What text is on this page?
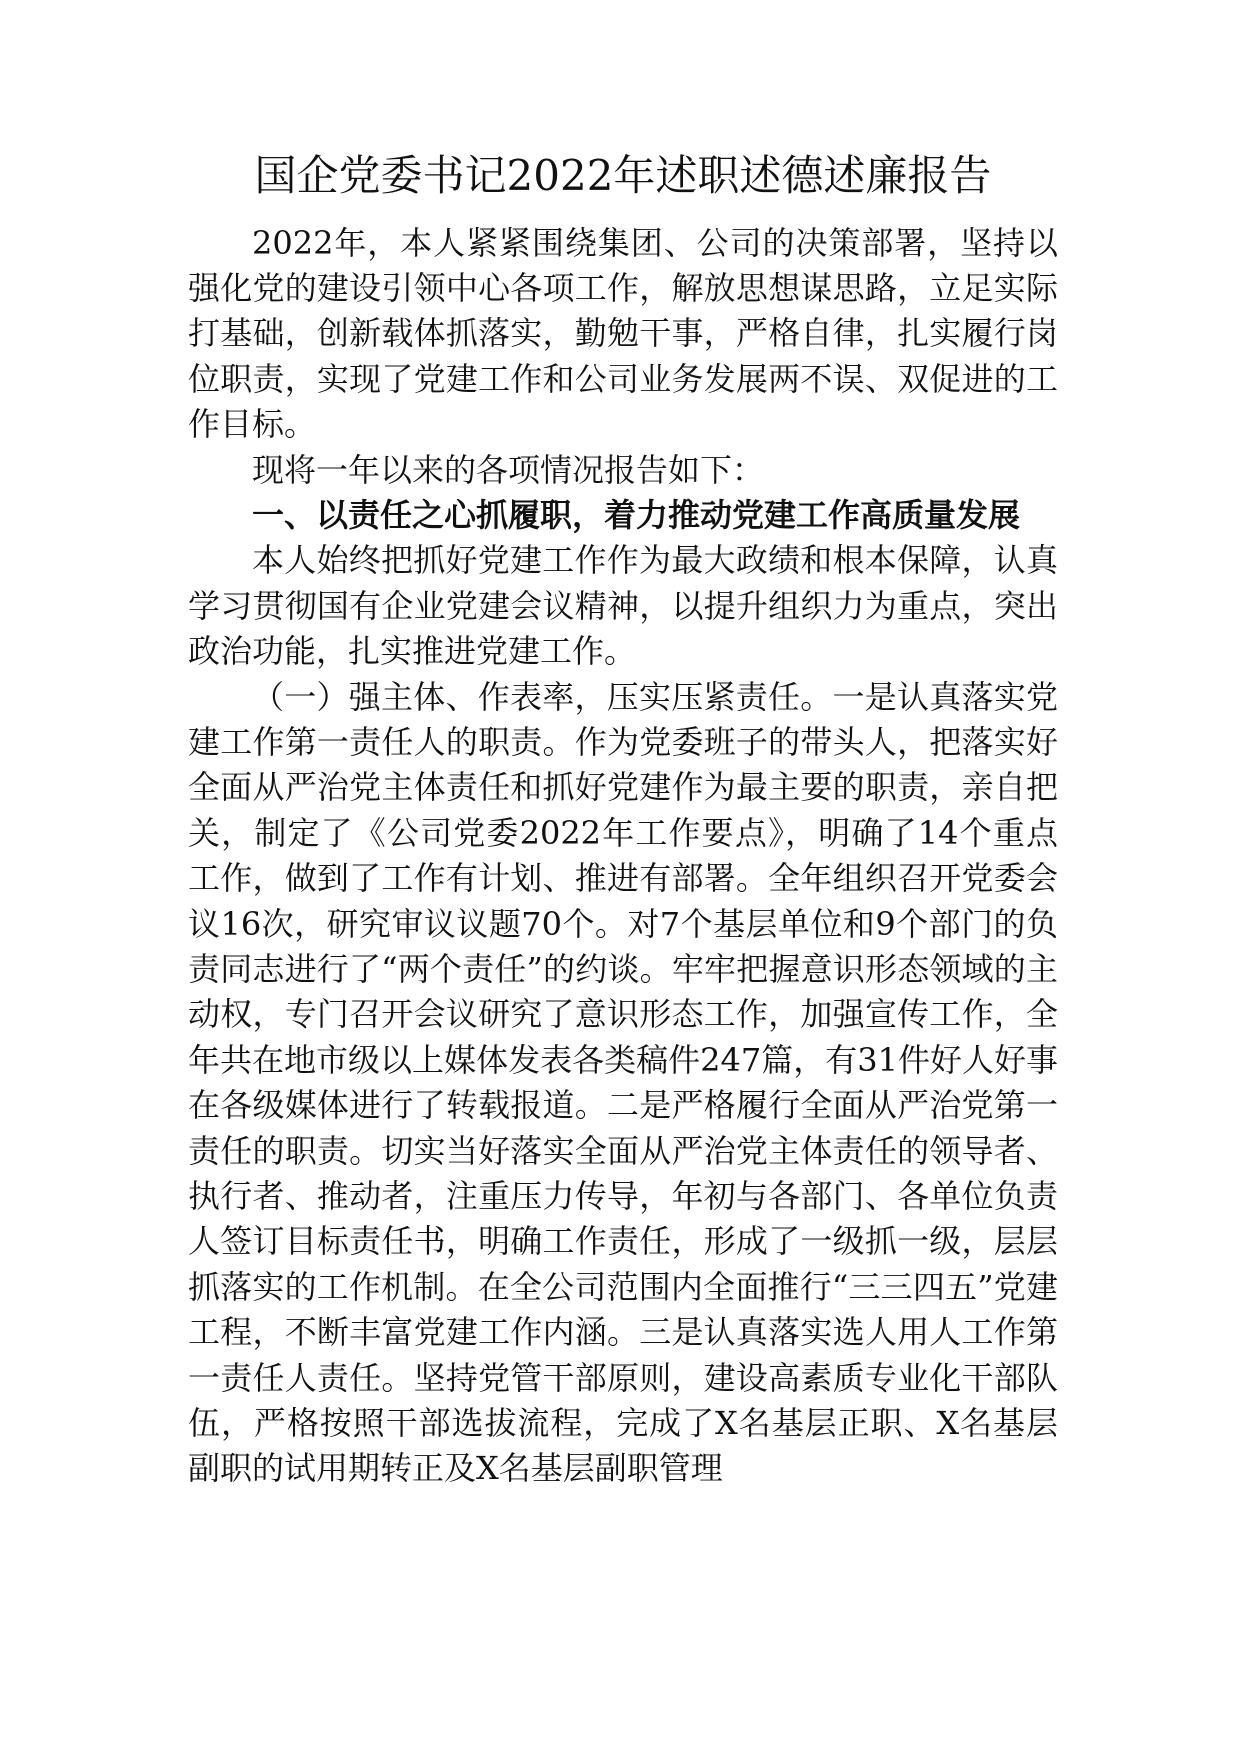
国企党委书记2022年述职述德述廉报告

2022年，本人紧紧围绕集团、公司的决策部署，坚持以强化党的建设引领中心各项工作，解放思想谋思路，立足实际打基础，创新载体抓落实，勤勉干事，严格自律，扎实履行岗位职责，实现了党建工作和公司业务发展两不误、双促进的工作目标。

现将一年以来的各项情况报告如下：

一、以责任之心抓履职，着力推动党建工作高质量发展

本人始终把抓好党建工作作为最大政绩和根本保障，认真学习贯彻国有企业党建会议精神，以提升组织力为重点，突出政治功能，扎实推进党建工作。

（一）强主体、作表率，压实压紧责任。一是认真落实党建工作第一责任人的职责。作为党委班子的带头人，把落实好全面从严治党主体责任和抓好党建作为最主要的职责，亲自把关，制定了《公司党委2022年工作要点》，明确了14个重点工作，做到了工作有计划、推进有部署。全年组织召开党委会议16次，研究审议议题70个。对7个基层单位和9个部门的负责同志进行了“两个责任”的约谈。牢牢把握意识形态领域的主动权，专门召开会议研究了意识形态工作，加强宣传工作，全年共在地市级以上媒体发表各类稿件247篇，有31件好人好事在各级媒体进行了转载报道。二是严格履行全面从严治党第一责任的职责。切实当好落实全面从严治党主体责任的领导者、执行者、推动者，注重压力传导，年初与各部门、各单位负责人签订目标责任书，明确工作责任，形成了一级抓一级，层层抓落实的工作机制。在全公司范围内全面推行“三三四五”党建工程，不断丰富党建工作内涵。三是认真落实选人用人工作第一责任人责任。坚持党管干部原则，建设高素质专业化干部队伍，严格按照干部选拔流程，完成了X名基层正职、X名基层副职的试用期转正及X名基层副职管理
